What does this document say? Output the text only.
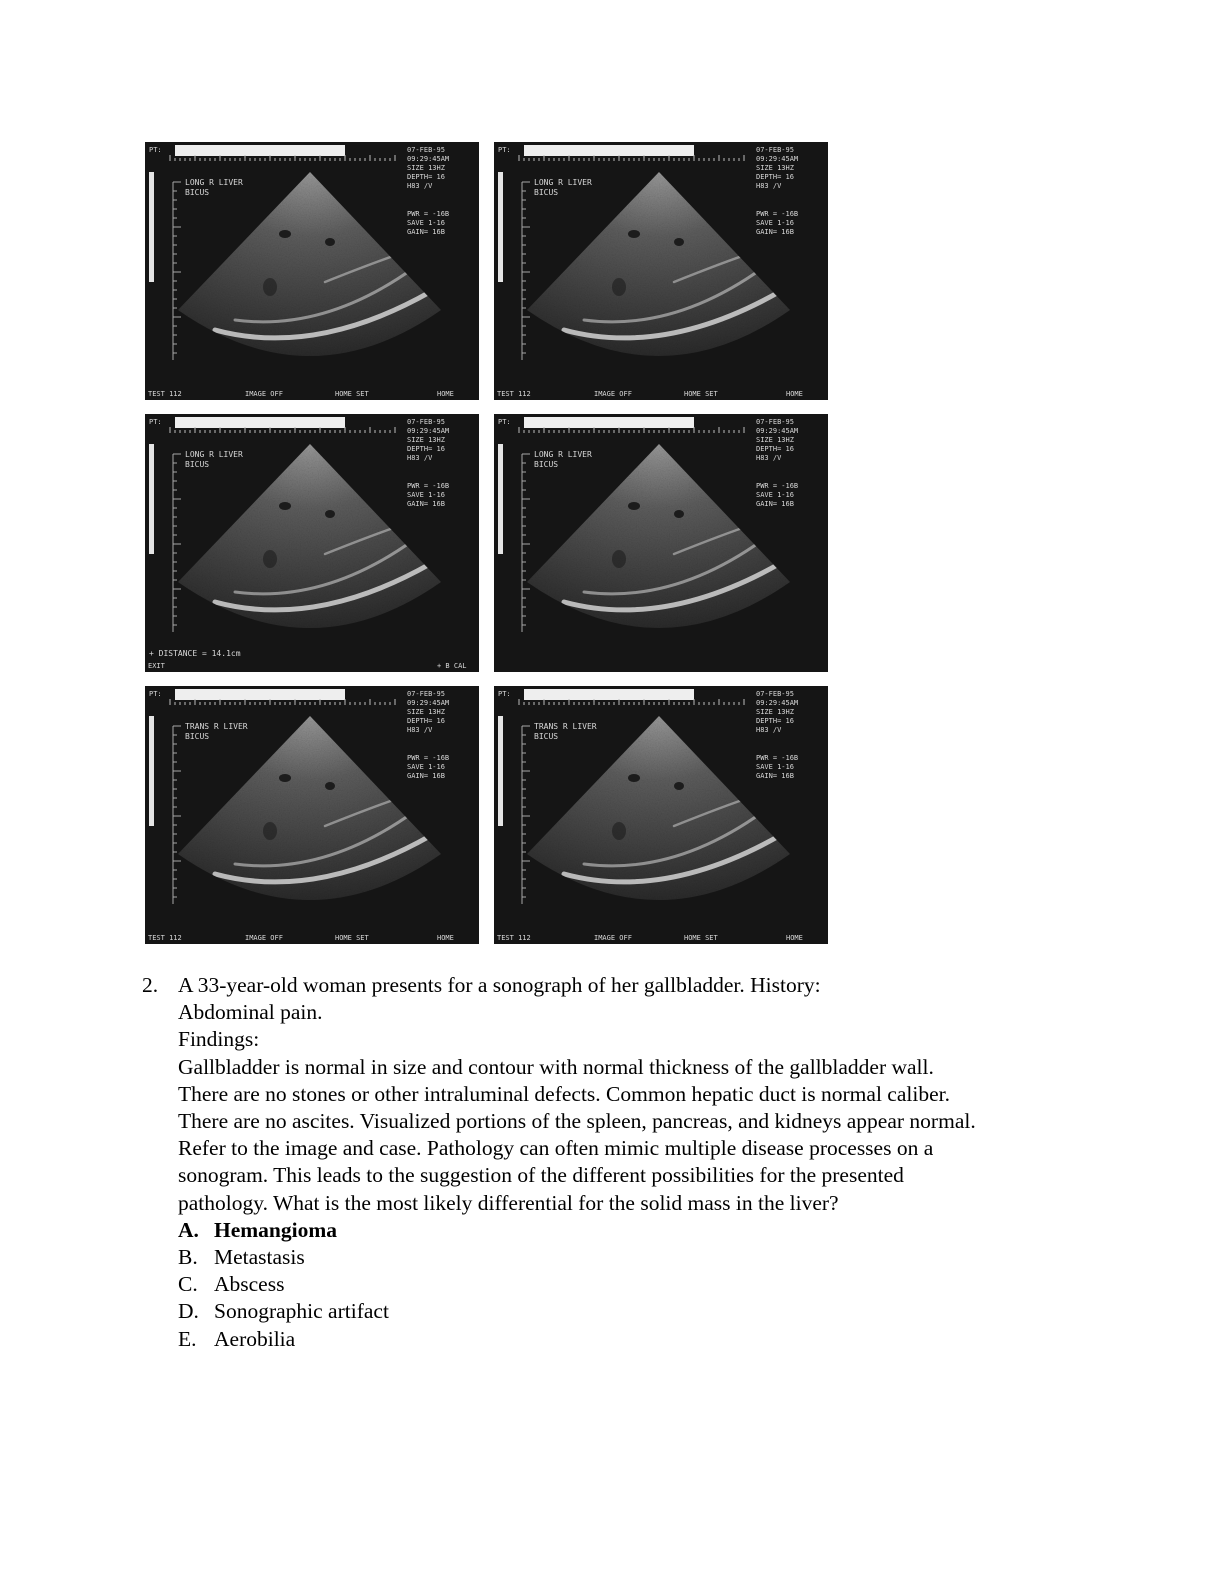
07-FEB-95
09:29:45AM
SIZE 13HZ
DEPTH= 16
H83 /V
PWR = -16B
SAVE 1-16
GAIN= 16B
PT:
LONG R LIVER
BICUS
TEST 112	IMAGE OFF	HOME SET	HOME
07-FEB-95
09:29:45AM
SIZE 13HZ
DEPTH= 16
H83 /V
PWR = -16B
SAVE 1-16
GAIN= 16B
PT:
LONG R LIVER
BICUS
TEST 112	IMAGE OFF	HOME SET	HOME
07-FEB-95
09:29:45AM
SIZE 13HZ
DEPTH= 16
H83 /V
PWR = -16B
SAVE 1-16
GAIN= 16B
PT:
LONG R LIVER
BICUS
+ DISTANCE = 14.1cm
EXIT	+ B CAL
07-FEB-95
09:29:45AM
SIZE 13HZ
DEPTH= 16
H83 /V
PWR = -16B
SAVE 1-16
GAIN= 16B
PT:
LONG R LIVER
BICUS
07-FEB-95
09:29:45AM
SIZE 13HZ
DEPTH= 16
H83 /V
PWR = -16B
SAVE 1-16
GAIN= 16B
PT:
TRANS R LIVER
BICUS
TEST 112	IMAGE OFF	HOME SET	HOME
07-FEB-95
09:29:45AM
SIZE 13HZ
DEPTH= 16
H83 /V
PWR = -16B
SAVE 1-16
GAIN= 16B
PT:
TRANS R LIVER
BICUS
TEST 112	IMAGE OFF	HOME SET	HOME
2. A 33-year-old woman presents for a sonograph of her gallbladder. History:

Abdominal pain.

Findings:

Gallbladder is normal in size and contour with normal thickness of the gallbladder wall.

There are no stones or other intraluminal defects. Common hepatic duct is normal caliber.

There are no ascites. Visualized portions of the spleen, pancreas, and kidneys appear normal.

Refer to the image and case. Pathology can often mimic multiple disease processes on a

sonogram. This leads to the suggestion of the different possibilities for the presented

pathology. What is the most likely differential for the solid mass in the liver?

A. Hemangioma
B. Metastasis
C. Abscess
D. Sonographic artifact
E. Aerobilia
